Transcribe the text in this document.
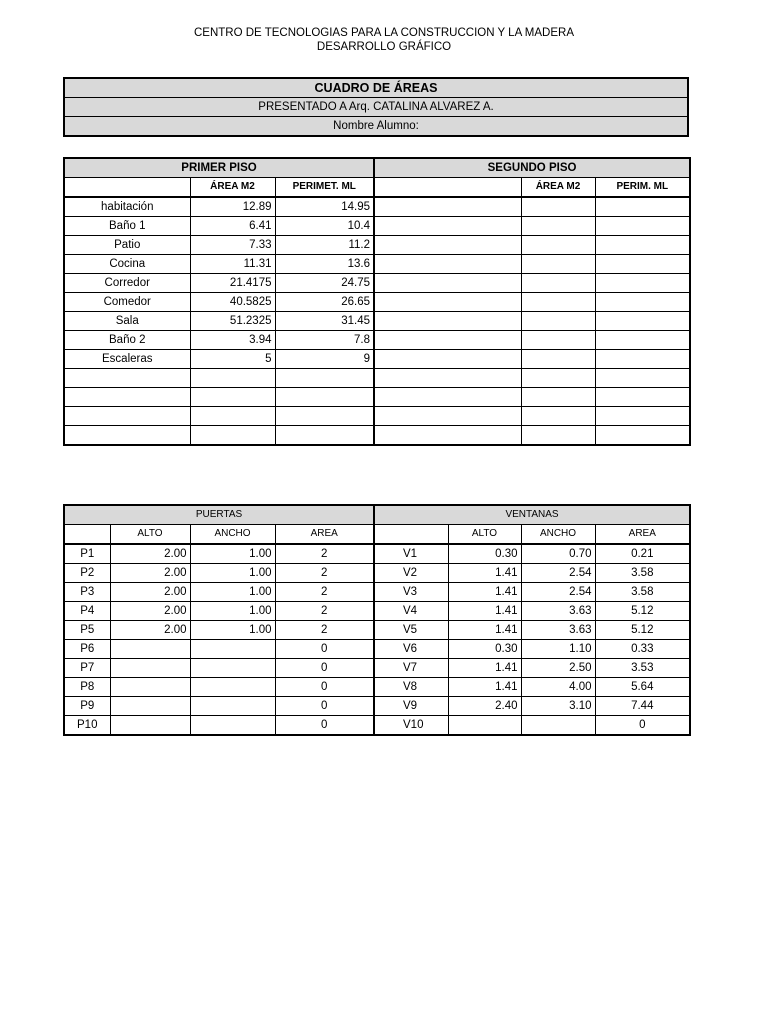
CENTRO DE TECNOLOGIAS PARA LA CONSTRUCCION Y LA MADERA
DESARROLLO GRÁFICO
CUADRO DE ÁREAS
PRESENTADO A Arq. CATALINA ALVAREZ A.
Nombre Alumno:
PRIMER PISO			SEGUNDO PISO		
	ÁREA M2	PERIMET. ML		ÁREA M2	PERIM. ML
habitación	12.89	14.95			
Baño 1	6.41	10.4			
Patio	7.33	11.2			
Cocina	11.31	13.6			
Corredor	21.4175	24.75			
Comedor	40.5825	26.65			
Sala	51.2325	31.45			
Baño 2	3.94	7.8			
Escaleras	5	9			

PUERTAS				VENTANAS			
	ALTO	ANCHO	AREA		ALTO	ANCHO	AREA
P1	2.00	1.00	2	V1	0.30	0.70	0.21
P2	2.00	1.00	2	V2	1.41	2.54	3.58
P3	2.00	1.00	2	V3	1.41	2.54	3.58
P4	2.00	1.00	2	V4	1.41	3.63	5.12
P5	2.00	1.00	2	V5	1.41	3.63	5.12
P6			0	V6	0.30	1.10	0.33
P7			0	V7	1.41	2.50	3.53
P8			0	V8	1.41	4.00	5.64
P9			0	V9	2.40	3.10	7.44
P10			0	V10			0
